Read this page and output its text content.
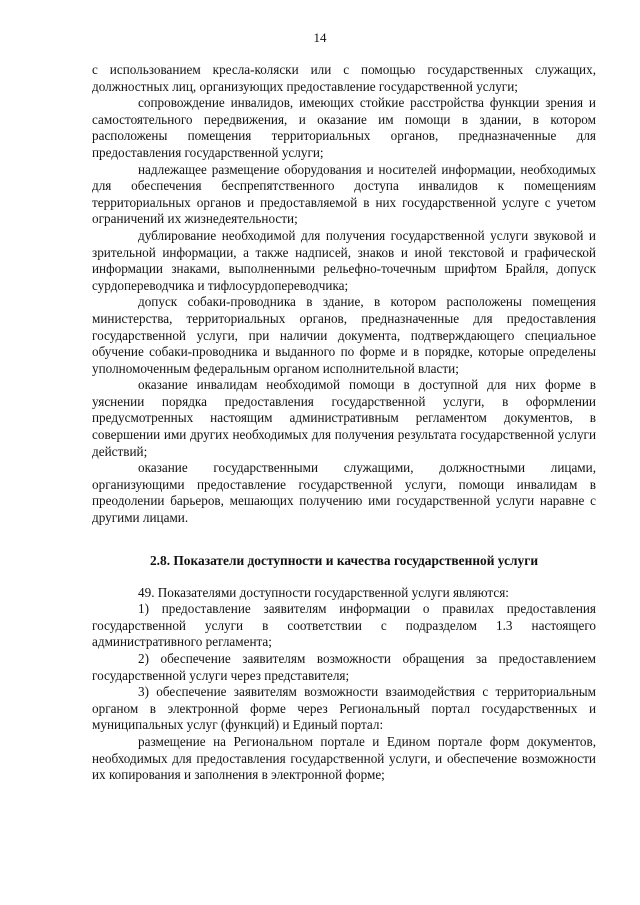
14

с использованием кресла-коляски или с помощью государственных служащих, должностных лиц, организующих предоставление государственной услуги;

сопровождение инвалидов, имеющих стойкие расстройства функции зрения и самостоятельного передвижения, и оказание им помощи в здании, в котором расположены помещения территориальных органов, предназначенные для предоставления государственной услуги;

надлежащее размещение оборудования и носителей информации, необходимых для обеспечения беспрепятственного доступа инвалидов к помещениям территориальных органов и предоставляемой в них государственной услуге с учетом ограничений их жизнедеятельности;

дублирование необходимой для получения государственной услуги звуковой и зрительной информации, а также надписей, знаков и иной текстовой и графической информации знаками, выполненными рельефно-точечным шрифтом Брайля, допуск сурдопереводчика и тифлосурдопереводчика;

допуск собаки-проводника в здание, в котором расположены помещения министерства, территориальных органов, предназначенные для предоставления государственной услуги, при наличии документа, подтверждающего специальное обучение собаки-проводника и выданного по форме и в порядке, которые определены уполномоченным федеральным органом исполнительной власти;

оказание инвалидам необходимой помощи в доступной для них форме в уяснении порядка предоставления государственной услуги, в оформлении предусмотренных настоящим административным регламентом документов, в совершении ими других необходимых для получения результата государственной услуги действий;

оказание государственными служащими, должностными лицами, организующими предоставление государственной услуги, помощи инвалидам в преодолении барьеров, мешающих получению ими государственной услуги наравне с другими лицами.

2.8. Показатели доступности и качества государственной услуги

49. Показателями доступности государственной услуги являются:

1) предоставление заявителям информации о правилах предоставления государственной услуги в соответствии с подразделом 1.3 настоящего административного регламента;

2) обеспечение заявителям возможности обращения за предоставлением государственной услуги через представителя;

3) обеспечение заявителям возможности взаимодействия с территориальным органом в электронной форме через Региональный портал государственных и муниципальных услуг (функций) и Единый портал:

размещение на Региональном портале и Едином портале форм документов, необходимых для предоставления государственной услуги, и обеспечение возможности их копирования и заполнения в электронной форме;
